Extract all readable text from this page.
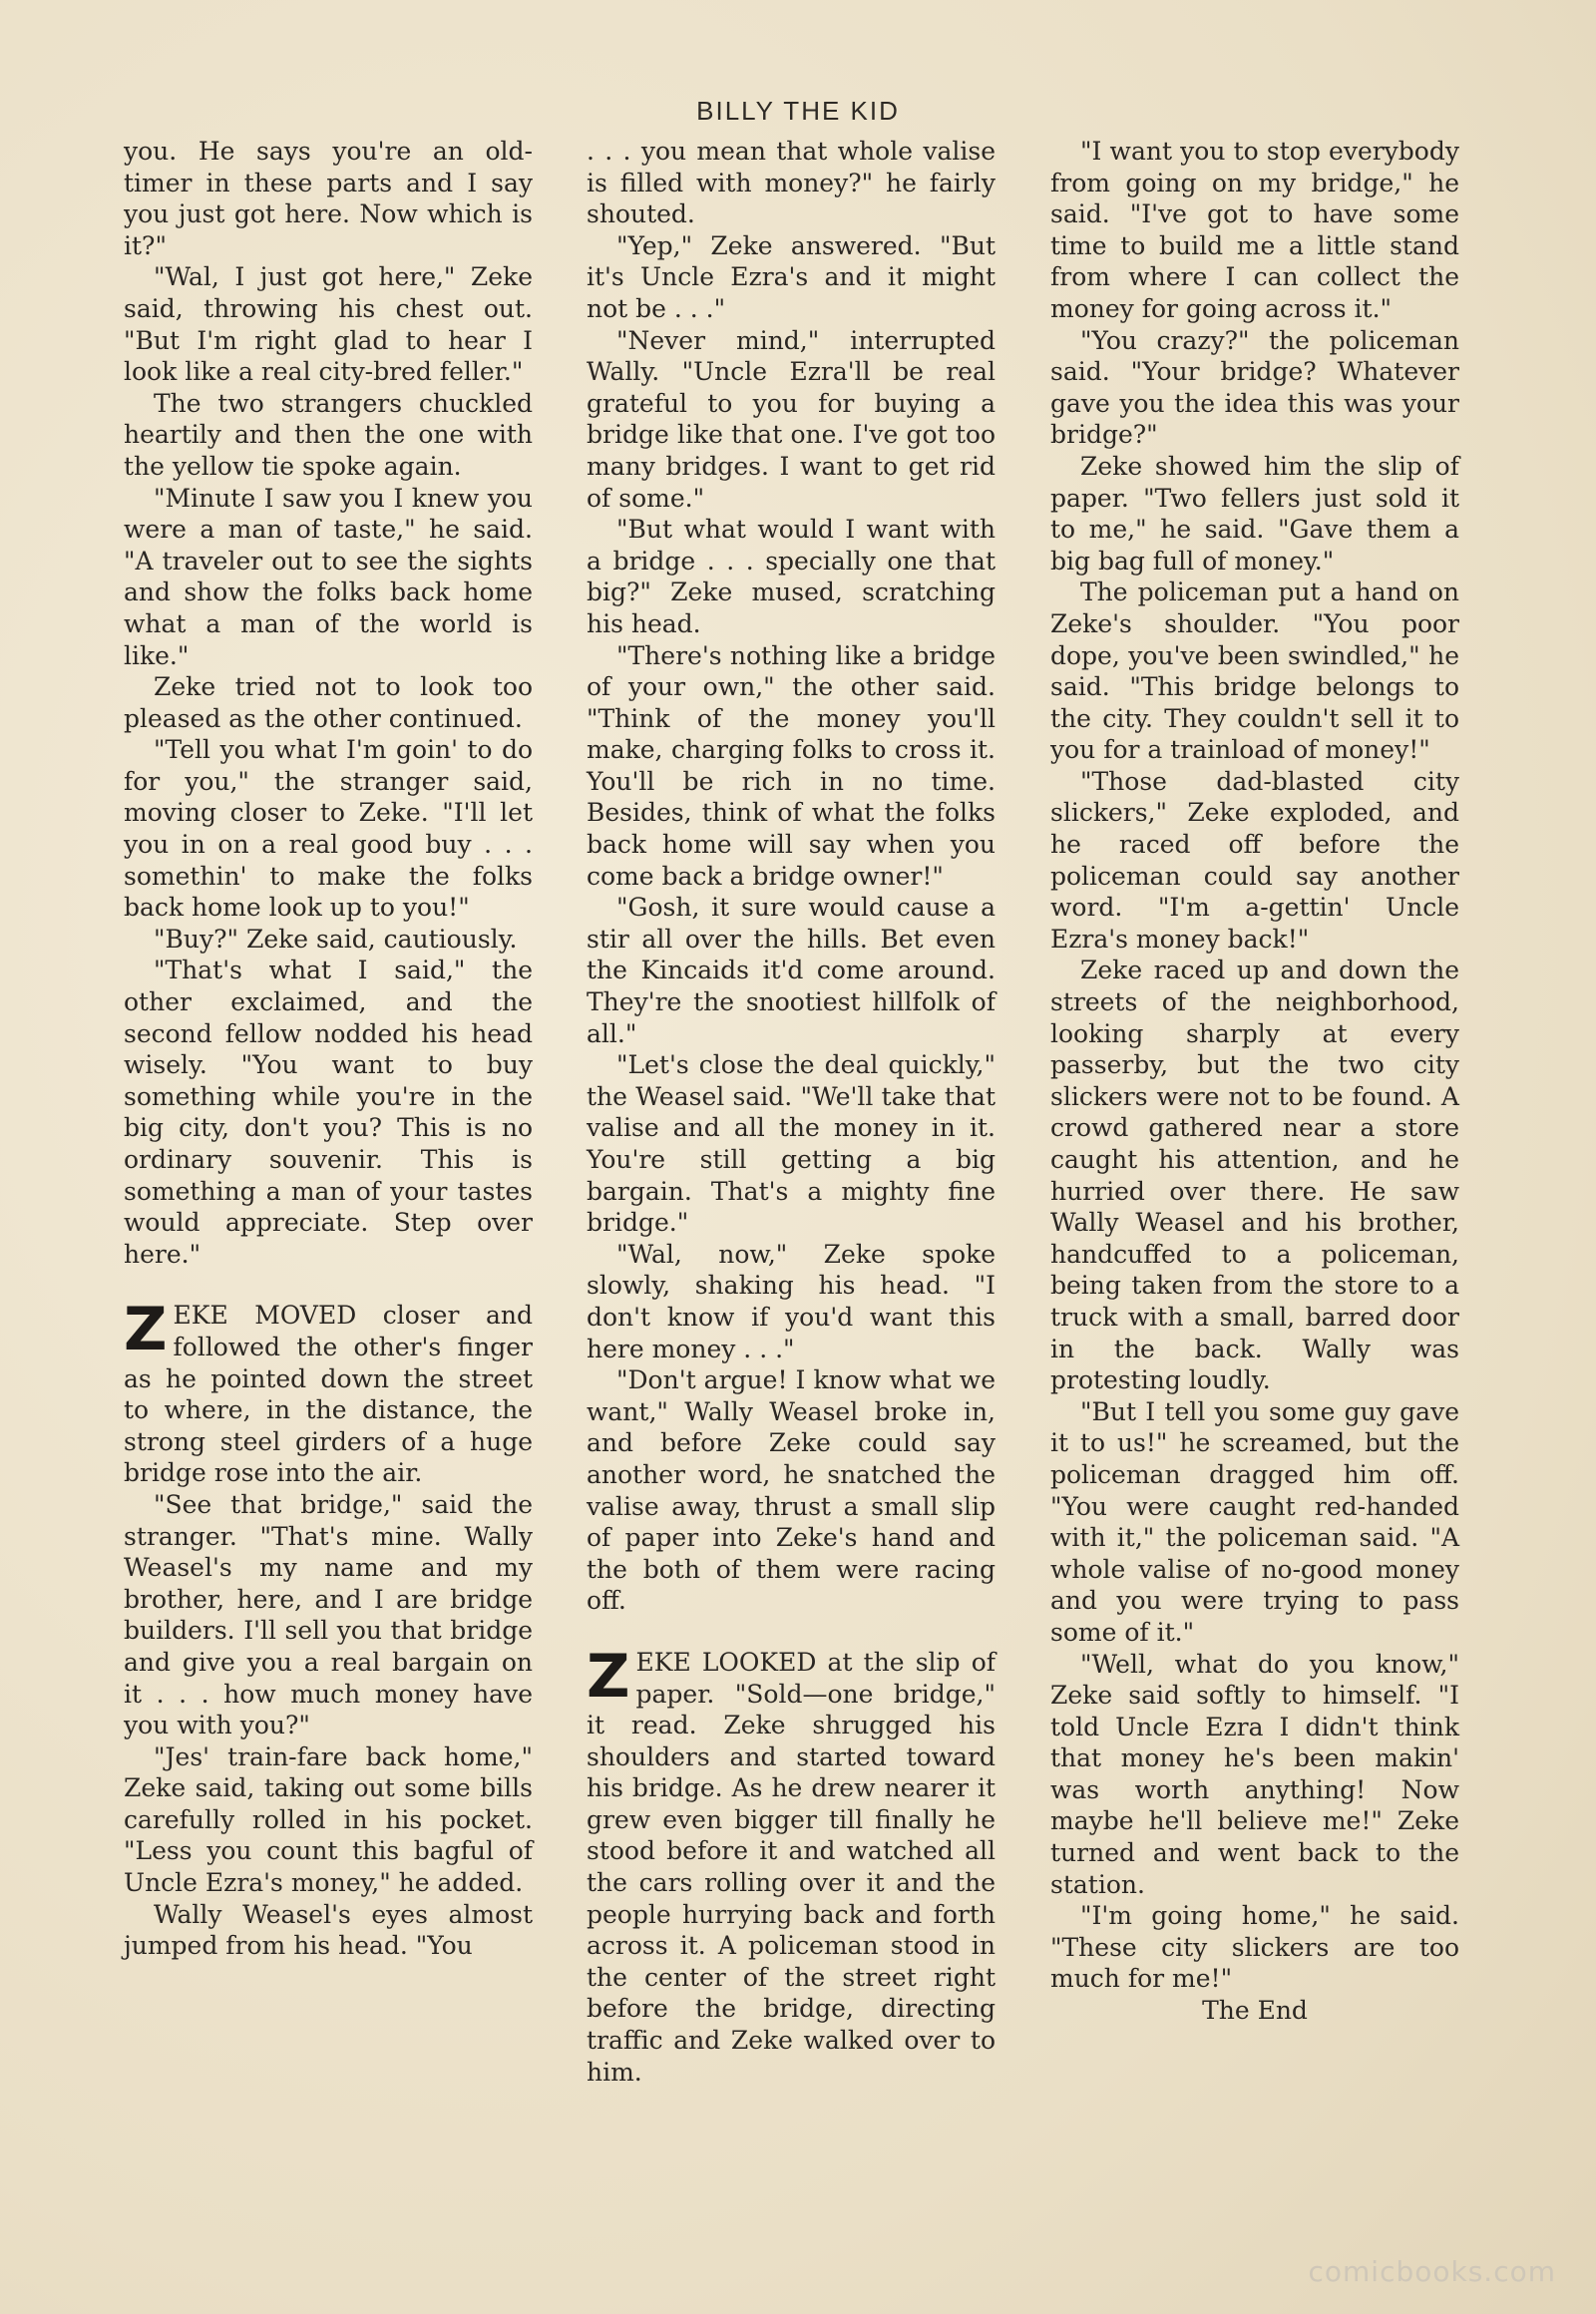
BILLY THE KID

you. He says you're an old-timer in these parts and I say you just got here. Now which is it?"

"Wal, I just got here," Zeke said, throwing his chest out. "But I'm right glad to hear I look like a real city-bred feller."

The two strangers chuckled heartily and then the one with the yellow tie spoke again.

"Minute I saw you I knew you were a man of taste," he said. "A traveler out to see the sights and show the folks back home what a man of the world is like."

Zeke tried not to look too pleased as the other continued.

"Tell you what I'm goin' to do for you," the stranger said, moving closer to Zeke. "I'll let you in on a real good buy . . . somethin' to make the folks back home look up to you!"

"Buy?" Zeke said, cautiously.

"That's what I said," the other exclaimed, and the second fellow nodded his head wisely. "You want to buy something while you're in the big city, don't you? This is no ordinary souvenir. This is something a man of your tastes would appreciate. Step over here."

ZEKE MOVED closer and followed the other's finger as he pointed down the street to where, in the distance, the strong steel girders of a huge bridge rose into the air.

"See that bridge," said the stranger. "That's mine. Wally Weasel's my name and my brother, here, and I are bridge builders. I'll sell you that bridge and give you a real bargain on it . . . how much money have you with you?"

"Jes' train-fare back home," Zeke said, taking out some bills carefully rolled in his pocket. "Less you count this bagful of Uncle Ezra's money," he added.

Wally Weasel's eyes almost jumped from his head. "You

. . . you mean that whole valise is filled with money?" he fairly shouted.

"Yep," Zeke answered. "But it's Uncle Ezra's and it might not be . . ."

"Never mind," interrupted Wally. "Uncle Ezra'll be real grateful to you for buying a bridge like that one. I've got too many bridges. I want to get rid of some."

"But what would I want with a bridge . . . specially one that big?" Zeke mused, scratching his head.

"There's nothing like a bridge of your own," the other said. "Think of the money you'll make, charging folks to cross it. You'll be rich in no time. Besides, think of what the folks back home will say when you come back a bridge owner!"

"Gosh, it sure would cause a stir all over the hills. Bet even the Kincaids it'd come around. They're the snootiest hillfolk of all."

"Let's close the deal quickly," the Weasel said. "We'll take that valise and all the money in it. You're still getting a big bargain. That's a mighty fine bridge."

"Wal, now," Zeke spoke slowly, shaking his head. "I don't know if you'd want this here money . . ."

"Don't argue! I know what we want," Wally Weasel broke in, and before Zeke could say another word, he snatched the valise away, thrust a small slip of paper into Zeke's hand and the both of them were racing off.

ZEKE LOOKED at the slip of paper. "Sold—one bridge," it read. Zeke shrugged his shoulders and started toward his bridge. As he drew nearer it grew even bigger till finally he stood before it and watched all the cars rolling over it and the people hurrying back and forth across it. A policeman stood in the center of the street right before the bridge, directing traffic and Zeke walked over to him.

"I want you to stop everybody from going on my bridge," he said. "I've got to have some time to build me a little stand from where I can collect the money for going across it."

"You crazy?" the policeman said. "Your bridge? Whatever gave you the idea this was your bridge?"

Zeke showed him the slip of paper. "Two fellers just sold it to me," he said. "Gave them a big bag full of money."

The policeman put a hand on Zeke's shoulder. "You poor dope, you've been swindled," he said. "This bridge belongs to the city. They couldn't sell it to you for a trainload of money!"

"Those dad-blasted city slickers," Zeke exploded, and he raced off before the policeman could say another word. "I'm a-gettin' Uncle Ezra's money back!"

Zeke raced up and down the streets of the neighborhood, looking sharply at every passerby, but the two city slickers were not to be found. A crowd gathered near a store caught his attention, and he hurried over there. He saw Wally Weasel and his brother, handcuffed to a policeman, being taken from the store to a truck with a small, barred door in the back. Wally was protesting loudly.

"But I tell you some guy gave it to us!" he screamed, but the policeman dragged him off. "You were caught red-handed with it," the policeman said. "A whole valise of no-good money and you were trying to pass some of it."

"Well, what do you know," Zeke said softly to himself. "I told Uncle Ezra I didn't think that money he's been makin' was worth anything! Now maybe he'll believe me!" Zeke turned and went back to the station.

"I'm going home," he said. "These city slickers are too much for me!"

The End

comicbooks.com
